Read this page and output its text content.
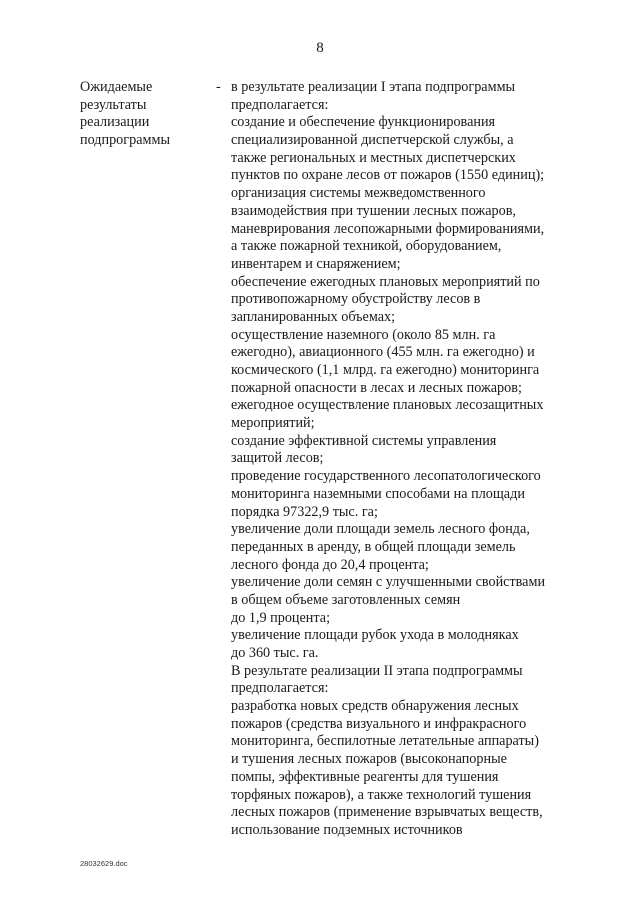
8
Ожидаемые
результаты
реализации
подпрограммы
- в результате реализации I этапа подпрограммы
предполагается:
создание и обеспечение функционирования
специализированной диспетчерской службы, а
также региональных и местных диспетчерских
пунктов по охране лесов от пожаров (1550 единиц);
организация системы межведомственного
взаимодействия при тушении лесных пожаров,
маневрирования лесопожарными формированиями,
а также пожарной техникой, оборудованием,
инвентарем и снаряжением;
обеспечение ежегодных плановых мероприятий по
противопожарному обустройству лесов в
запланированных объемах;
осуществление наземного (около 85 млн. га
ежегодно), авиационного (455 млн. га ежегодно) и
космического (1,1 млрд. га ежегодно) мониторинга
пожарной опасности в лесах и лесных пожаров;
ежегодное осуществление плановых лесозащитных
мероприятий;
создание эффективной системы управления
защитой лесов;
проведение государственного лесопатологического
мониторинга наземными способами на площади
порядка 97322,9 тыс. га;
увеличение доли площади земель лесного фонда,
переданных в аренду, в общей площади земель
лесного фонда до 20,4 процента;
увеличение доли семян с улучшенными свойствами
в общем объеме заготовленных семян
до 1,9 процента;
увеличение площади рубок ухода в молодняках
до 360 тыс. га.
В результате реализации II этапа подпрограммы
предполагается:
разработка новых средств обнаружения лесных
пожаров (средства визуального и инфракрасного
мониторинга, беспилотные летательные аппараты)
и тушения лесных пожаров (высоконапорные
помпы, эффективные реагенты для тушения
торфяных пожаров), а также технологий тушения
лесных пожаров (применение взрывчатых веществ,
использование подземных источников
28032629.doc
